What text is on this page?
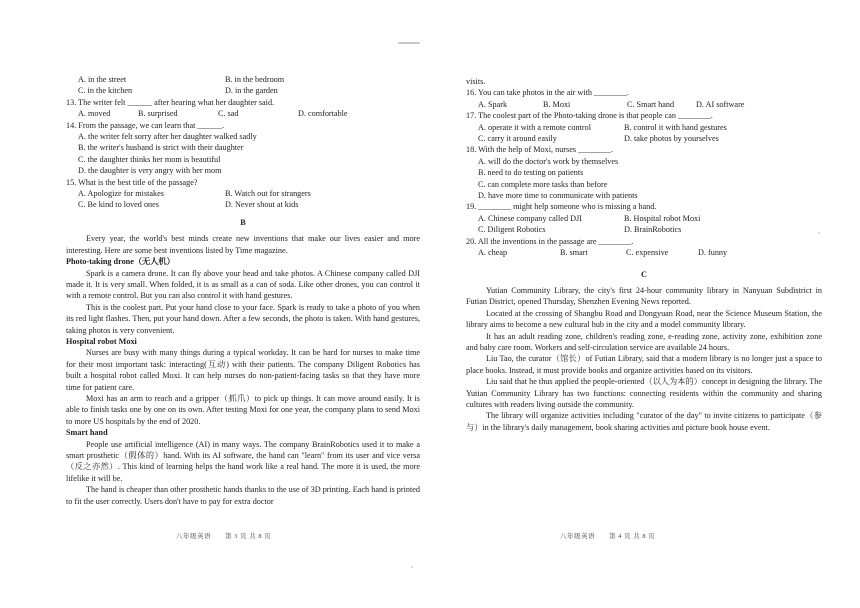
A. in the street	B. in the bedroom
C. in the kitchen	D. in the garden
13. The writer felt ______ after hearing what her daughter said.
A. moved	B. surprised	C. sad	D. comfortable
14. From the passage, we can learn that ______.
A. the writer felt sorry after her daughter walked sadly
B. the writer's husband is strict with their daughter
C. the daughter thinks her mom is beautiful
D. the daughter is very angry with her mom
15. What is the best title of the passage?
A. Apologize for mistakes	B. Watch out for strangers
C. Be kind to loved ones	D. Never shout at kids
B

Every year, the world's best minds create new inventions that make our lives easier and more interesting. Here are some best inventions listed by Time magazine.

Photo-taking drone（无人机）

Spark is a camera drone. It can fly above your head and take photos. A Chinese company called DJI made it. It is very small. When folded, it is as small as a can of soda. Like other drones, you can control it with a remote control. But you can also control it with hand gestures.

This is the coolest part. Put your hand close to your face. Spark is ready to take a photo of you when its red light flashes. Then, put your hand down. After a few seconds, the photo is taken. With hand gestures, taking photos is very convenient.

Hospital robot Moxi

Nurses are busy with many things during a typical workday. It can be hard for nurses to make time for their most important task: interacting(互动) with their patients. The company Diligent Robotics has built a hospital robot called Moxi. It can help nurses do non-patient-facing tasks so that they have more time for patient care.

Moxi has an arm to reach and a gripper（抓爪）to pick up things. It can move around easily. It is able to finish tasks one by one on its own. After testing Moxi for one year, the company plans to send Moxi to more US hospitals by the end of 2020.

Smart hand

People use artificial intelligence (AI) in many ways. The company BrainRobotics used it to make a smart prosthetic（假体的）hand. With its AI software, the hand can "learn" from its user and vice versa（反之亦然）. This kind of learning helps the hand work like a real hand. The more it is used, the more lifelike it will be.

The hand is cheaper than other prosthetic hands thanks to the use of 3D printing. Each hand is printed to fit the user correctly. Users don't have to pay for extra doctor

八年级英语　　第 3 页 共 8 页
visits.
16. You can take photos in the air with ________.
A. Spark	B. Moxi	C. Smart hand	D. AI software
17. The coolest part of the Photo-taking drone is that people can ________.
A. operate it with a remote control	B. control it with hand gestures
C. carry it around easily	D. take photos by yourselves
18. With the help of Moxi, nurses ________.
A. will do the doctor's work by themselves
B. need to do testing on patients
C. can complete more tasks than before
D. have more time to communicate with patients
19. ________ might help someone who is missing a hand.
A. Chinese company called DJI	B. Hospital robot Moxi
C. Diligent Robotics	D. BrainRobotics
20. All the inventions in the passage are ________.
A. cheap	B. smart	C. expensive	D. funny
C

Yutian Community Library, the city's first 24-hour community library in Nanyuan Subdistrict in Futian District, opened Thursday, Shenzhen Evening News reported.

Located at the crossing of Shangbu Road and Dongyuan Road, near the Science Museum Station, the library aims to become a new cultural hub in the city and a model community library.

It has an adult reading zone, children's reading zone, e-reading zone, activity zone, exhibition zone and baby care room. Workers and self-circulation service are available 24 hours.

Liu Tao, the curator（馆长）of Futian Library, said that a modern library is no longer just a space to place books. Instead, it must provide books and organize activities based on its visitors.

Liu said that he thus applied the people-oriented（以人为本的）concept in designing the library. The Yutian Community Library has two functions: connecting residents within the community and sharing cultures with readers living outside the community.

The library will organize activities including "curator of the day" to invite citizens to participate（参与）in the library's daily management, book sharing activities and picture book house event.

八年级英语　　第 4 页 共 8 页
